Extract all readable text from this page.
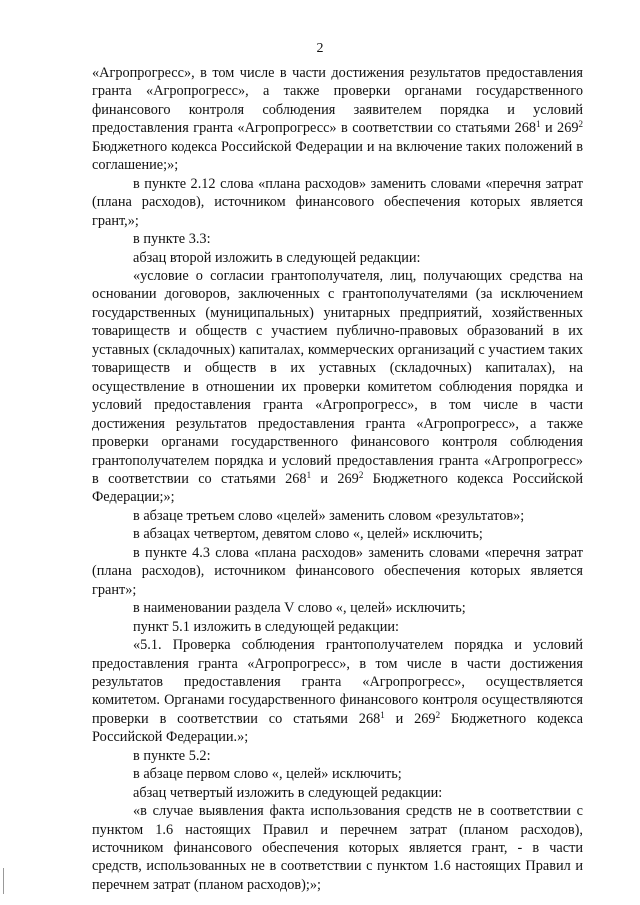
2

«Агропрогресс», в том числе в части достижения результатов предоставления гранта «Агропрогресс», а также проверки органами государственного финансового контроля соблюдения заявителем порядка и условий предоставления гранта «Агропрогресс» в соответствии со статьями $268^1$ и $269^2$ Бюджетного кодекса Российской Федерации и на включение таких положений в соглашение;»;

в пункте 2.12 слова «плана расходов» заменить словами «перечня затрат (плана расходов), источником финансового обеспечения которых является грант,»;

в пункте 3.3:

абзац второй изложить в следующей редакции:

«условие о согласии грантополучателя, лиц, получающих средства на основании договоров, заключенных с грантополучателями (за исключением государственных (муниципальных) унитарных предприятий, хозяйственных товариществ и обществ с участием публично-правовых образований в их уставных (складочных) капиталах, коммерческих организаций с участием таких товариществ и обществ в их уставных (складочных) капиталах), на осуществление в отношении их проверки комитетом соблюдения порядка и условий предоставления гранта «Агропрогресс», в том числе в части достижения результатов предоставления гранта «Агропрогресс», а также проверки органами государственного финансового контроля соблюдения грантополучателем порядка и условий предоставления гранта «Агропрогресс» в соответствии со статьями $268^1$ и $269^2$ Бюджетного кодекса Российской Федерации;»;

в абзаце третьем слово «целей» заменить словом «результатов»;

в абзацах четвертом, девятом слово «, целей» исключить;

в пункте 4.3 слова «плана расходов» заменить словами «перечня затрат (плана расходов), источником финансового обеспечения которых является грант»;

в наименовании раздела V слово «, целей» исключить;

пункт 5.1 изложить в следующей редакции:

«5.1. Проверка соблюдения грантополучателем порядка и условий предоставления гранта «Агропрогресс», в том числе в части достижения результатов предоставления гранта «Агропрогресс», осуществляется комитетом. Органами государственного финансового контроля осуществляются проверки в соответствии со статьями $268^1$ и $269^2$ Бюджетного кодекса Российской Федерации.»;

в пункте 5.2:

в абзаце первом слово «, целей» исключить;

абзац четвертый изложить в следующей редакции:

«в случае выявления факта использования средств не в соответствии с пунктом 1.6 настоящих Правил и перечнем затрат (планом расходов), источником финансового обеспечения которых является грант, - в части средств, использованных не в соответствии с пунктом 1.6 настоящих Правил и перечнем затрат (планом расходов);»;
